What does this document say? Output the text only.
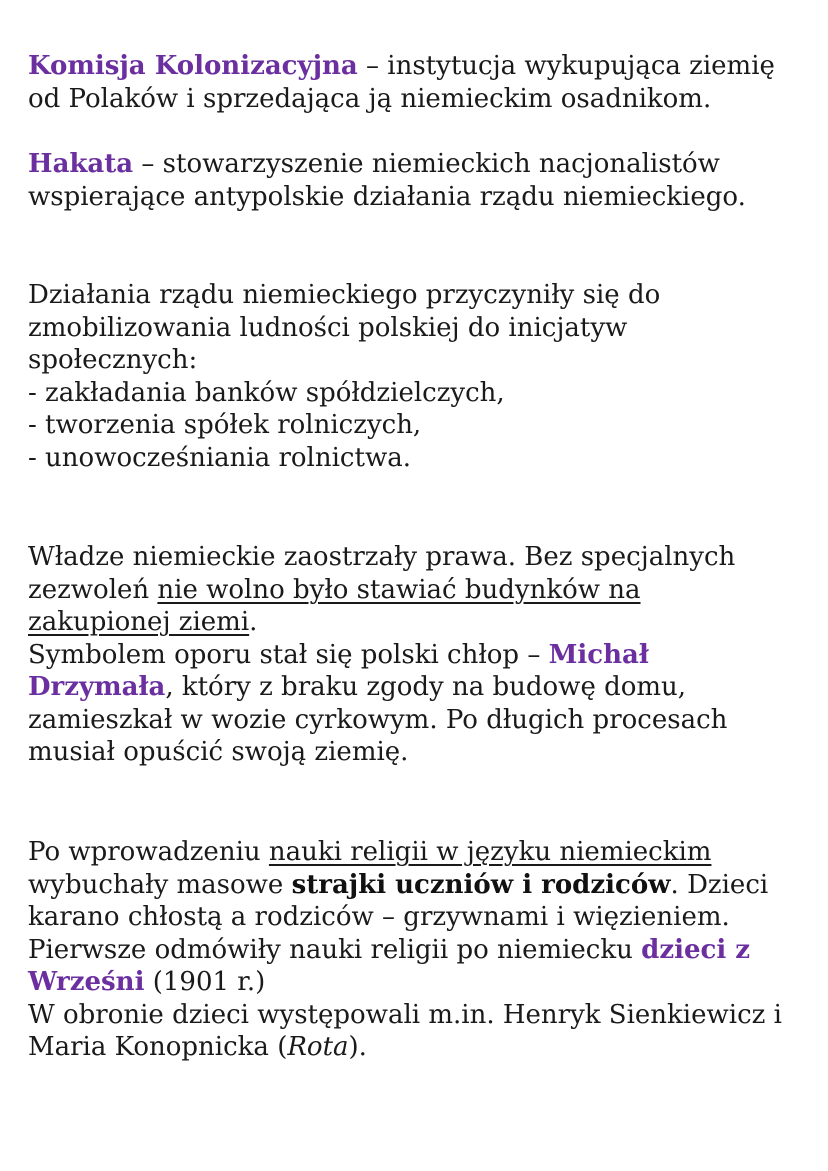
Komisja Kolonizacyjna – instytucja wykupująca ziemię
od Polaków i sprzedająca ją niemieckim osadnikom.

Hakata – stowarzyszenie niemieckich nacjonalistów
wspierające antypolskie działania rządu niemieckiego.

Działania rządu niemieckiego przyczyniły się do
zmobilizowania ludności polskiej do inicjatyw
społecznych:
- zakładania banków spółdzielczych,
- tworzenia spółek rolniczych,
- unowocześniania rolnictwa.

Władze niemieckie zaostrzały prawa. Bez specjalnych
zezwoleń nie wolno było stawiać budynków na
zakupionej ziemi.
Symbolem oporu stał się polski chłop – Michał
Drzymała, który z braku zgody na budowę domu,
zamieszkał w wozie cyrkowym. Po długich procesach
musiał opuścić swoją ziemię.

Po wprowadzeniu nauki religii w języku niemieckim
wybuchały masowe strajki uczniów i rodziców. Dzieci
karano chłostą a rodziców – grzywnami i więzieniem.
Pierwsze odmówiły nauki religii po niemiecku dzieci z
Wrześni (1901 r.)
W obronie dzieci występowali m.in. Henryk Sienkiewicz i
Maria Konopnicka (Rota).
